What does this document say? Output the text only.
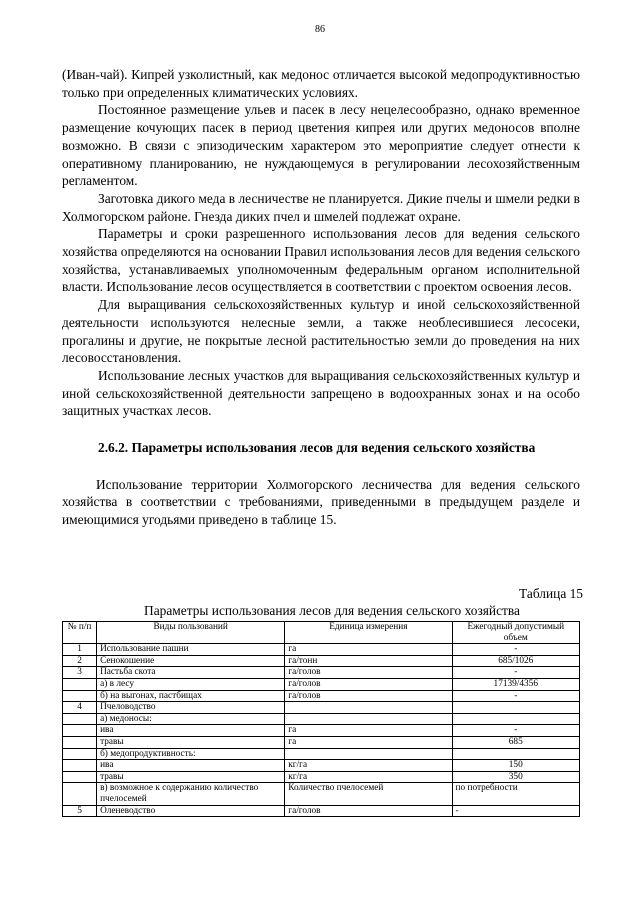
86

(Иван-чай). Кипрей узколистный, как медонос отличается высокой медопродуктивностью только при определенных климатических условиях.

Постоянное размещение ульев и пасек в лесу нецелесообразно, однако временное размещение кочующих пасек в период цветения кипрея или других медоносов вполне возможно. В связи с эпизодическим характером это мероприятие следует отнести к оперативному планированию, не нуждающемуся в регулировании лесохозяйственным регламентом.

Заготовка дикого меда в лесничестве не планируется. Дикие пчелы и шмели редки в Холмогорском районе. Гнезда диких пчел и шмелей подлежат охране.

Параметры и сроки разрешенного использования лесов для ведения сельского хозяйства определяются на основании Правил использования лесов для ведения сельского хозяйства, устанавливаемых уполномоченным федеральным органом исполнительной власти. Использование лесов осуществляется в соответствии с проектом освоения лесов.

Для выращивания сельскохозяйственных культур и иной сельскохозяйственной деятельности используются нелесные земли, а также необлесившиеся лесосеки, прогалины и другие, не покрытые лесной растительностью земли до проведения на них лесовосстановления.

Использование лесных участков для выращивания сельскохозяйственных культур и иной сельскохозяйственной деятельности запрещено в водоохранных зонах и на особо защитных участках лесов.

2.6.2. Параметры использования лесов для ведения сельского хозяйства

Использование территории Холмогорского лесничества для ведения сельского хозяйства в соответствии с требованиями, приведенными в предыдущем разделе и имеющимися угодьями приведено в таблице 15.

Таблица 15
Параметры использования лесов для ведения сельского хозяйства
№ п/п	Виды пользований	Единица измерения	Ежегодный допустимый объем
1	Использование пашни	га	-
2	Сенокошение	га/тонн	685/1026
3	Пастьба скота	га/голов	-
	а) в лесу	га/голов	17139/4356
	б) на выгонах, пастбищах	га/голов	-
4	Пчеловодство		
	а) медоносы:		
	ива	га	-
	травы	га	685
	б) медопродуктивность:		
	ива	кг/га	150
	травы	кг/га	350
	в) возможное к содержанию количество пчелосемей	Количество пчелосемей	по потребности
5	Оленеводство	га/голов	-
